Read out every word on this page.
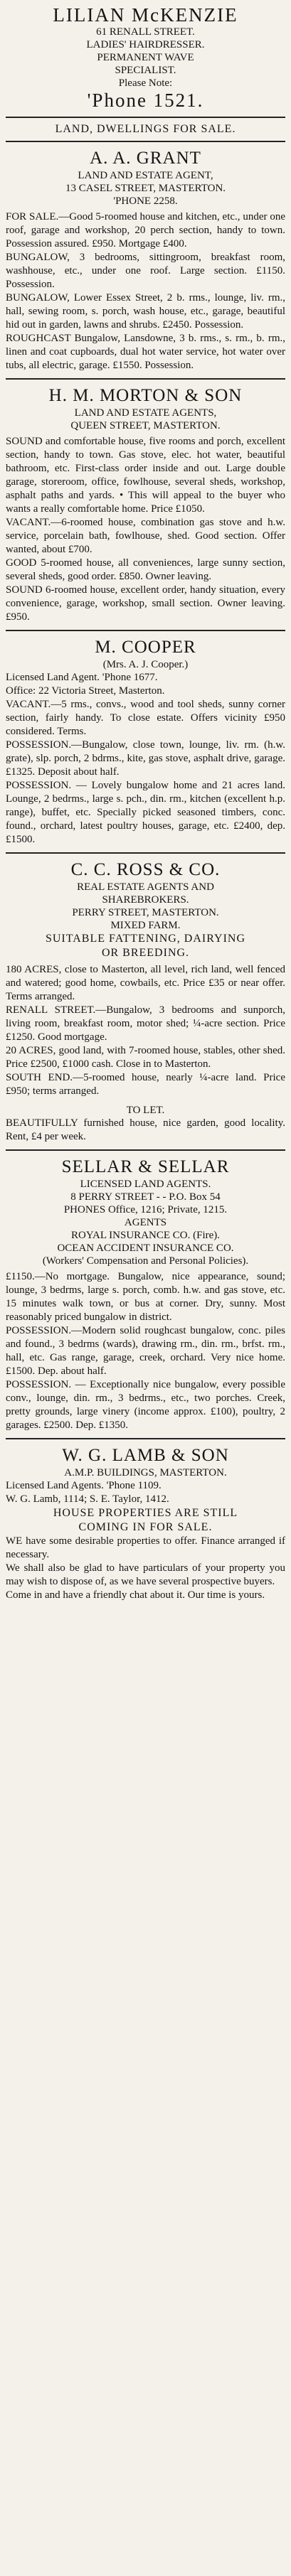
LILIAN McKENZIE
61 RENALL STREET.
LADIES' HAIRDRESSER.
PERMANENT WAVE
SPECIALIST.
Please Note:
'Phone 1521.
LAND, DWELLINGS FOR SALE.
A. A. GRANT
LAND AND ESTATE AGENT,
13 CASEL STREET, MASTERTON.
'PHONE 2258.

FOR SALE.—Good 5-roomed house and kitchen, etc., under one roof, garage and workshop, 20 perch section, handy to town. Possession assured. £950. Mortgage £400.

BUNGALOW, 3 bedrooms, sittingroom, breakfast room, washhouse, etc., under one roof. Large section. £1150. Possession.

BUNGALOW, Lower Essex Street, 2 b. rms., lounge, liv. rm., hall, sewing room, s. porch, wash house, etc., garage, beautiful hid out in garden, lawns and shrubs. £2450. Possession.

ROUGHCAST Bungalow, Lansdowne, 3 b. rms., s. rm., b. rm., linen and coat cupboards, dual hot water service, hot water over tubs, all electric, garage. £1550. Possession.

H. M. MORTON & SON
LAND AND ESTATE AGENTS,
QUEEN STREET, MASTERTON.

SOUND and comfortable house, five rooms and porch, excellent section, handy to town. Gas stove, elec. hot water, beautiful bathroom, etc. First-class order inside and out. Large double garage, storeroom, office, fowlhouse, several sheds, workshop, asphalt paths and yards. • This will appeal to the buyer who wants a really comfortable home. Price £1050.

VACANT.—6-roomed house, combination gas stove and h.w. service, porcelain bath, fowlhouse, shed. Good section. Offer wanted, about £700.

GOOD 5-roomed house, all conveniences, large sunny section, several sheds, good order. £850. Owner leaving.

SOUND 6-roomed house, excellent order, handy situation, every convenience, garage, workshop, small section. Owner leaving. £950.

M. COOPER
(Mrs. A. J. Cooper.)

Licensed Land Agent. 'Phone 1677.

Office: 22 Victoria Street, Masterton.

VACANT.—5 rms., convs., wood and tool sheds, sunny corner section, fairly handy. To close estate. Offers vicinity £950 considered. Terms.

POSSESSION.—Bungalow, close town, lounge, liv. rm. (h.w. grate), slp. porch, 2 bdrms., kite, gas stove, asphalt drive, garage. £1325. Deposit about half.

POSSESSION. — Lovely bungalow home and 21 acres land. Lounge, 2 bedrms., large s. pch., din. rm., kitchen (excellent h.p. range), buffet, etc. Specially picked seasoned timbers, conc. found., orchard, latest poultry houses, garage, etc. £2400, dep. £1500.

C. C. ROSS & CO.
REAL ESTATE AGENTS AND
SHAREBROKERS.
PERRY STREET, MASTERTON.
MIXED FARM.
SUITABLE FATTENING, DAIRYING
OR BREEDING.

180 ACRES, close to Masterton, all level, rich land, well fenced and watered; good home, cowbails, etc. Price £35 or near offer. Terms arranged.

RENALL STREET.—Bungalow, 3 bedrooms and sunporch, living room, breakfast room, motor shed; ¼-acre section. Price £1250. Good mortgage.

20 ACRES, good land, with 7-roomed house, stables, other shed. Price £2500, £1000 cash. Close in to Masterton.

SOUTH END.—5-roomed house, nearly ¼-acre land. Price £950; terms arranged.

TO LET.

BEAUTIFULLY furnished house, nice garden, good locality. Rent, £4 per week.

SELLAR & SELLAR
LICENSED LAND AGENTS.
8 PERRY STREET - - P.O. Box 54
PHONES Office, 1216; Private, 1215.
AGENTS
ROYAL INSURANCE CO. (Fire).
OCEAN ACCIDENT INSURANCE CO.
(Workers' Compensation and Personal Policies).

£1150.—No mortgage. Bungalow, nice appearance, sound; lounge, 3 bedrms, large s. porch, comb. h.w. and gas stove, etc. 15 minutes walk town, or bus at corner. Dry, sunny. Most reasonably priced bungalow in district.

POSSESSION.—Modern solid roughcast bungalow, conc. piles and found., 3 bedrms (wards), drawing rm., din. rm., brfst. rm., hall, etc. Gas range, garage, creek, orchard. Very nice home. £1500. Dep. about half.

POSSESSION. — Exceptionally nice bungalow, every possible conv., lounge, din. rm., 3 bedrms., etc., two porches. Creek, pretty grounds, large vinery (income approx. £100), poultry, 2 garages. £2500. Dep. £1350.

W. G. LAMB & SON
A.M.P. BUILDINGS, MASTERTON.

Licensed Land Agents. 'Phone 1109.

W. G. Lamb, 1114; S. E. Taylor, 1412.

HOUSE PROPERTIES ARE STILL
COMING IN FOR SALE.

WE have some desirable properties to offer. Finance arranged if necessary.

We shall also be glad to have particulars of your property you may wish to dispose of, as we have several prospective buyers.

Come in and have a friendly chat about it. Our time is yours.
